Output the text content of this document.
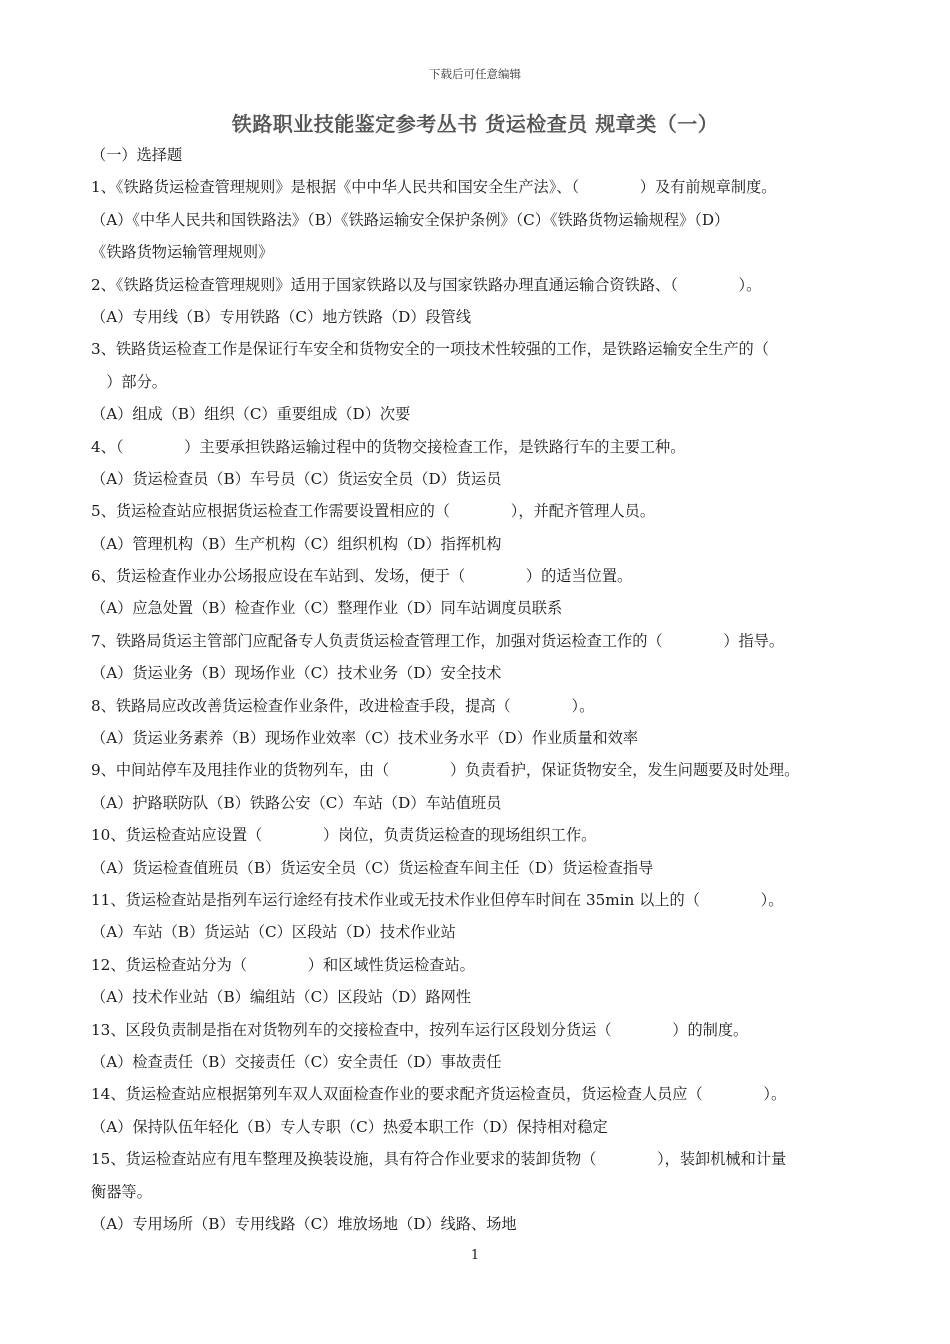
下载后可任意编辑
铁路职业技能鉴定参考丛书 货运检查员 规章类（一）
（一）选择题
1、《铁路货运检查管理规则》是根据《中中华人民共和国安全生产法》、（　　　　）及有前规章制度。
（A）《中华人民共和国铁路法》（B）《铁路运输安全保护条例》（C）《铁路货物运输规程》（D）
《铁路货物运输管理规则》
2、《铁路货运检查管理规则》适用于国家铁路以及与国家铁路办理直通运输合资铁路、（　　　　）。
（A）专用线（B）专用铁路（C）地方铁路（D）段管线
3、铁路货运检查工作是保证行车安全和货物安全的一项技术性较强的工作，是铁路运输安全生产的（
　）部分。
（A）组成（B）组织（C）重要组成（D）次要
4、（　　　　）主要承担铁路运输过程中的货物交接检查工作，是铁路行车的主要工种。
（A）货运检查员（B）车号员（C）货运安全员（D）货运员
5、货运检查站应根据货运检查工作需要设置相应的（　　　　），并配齐管理人员。
（A）管理机构（B）生产机构（C）组织机构（D）指挥机构
6、货运检查作业办公场报应设在车站到、发场，便于（　　　　）的适当位置。
（A）应急处置（B）检查作业（C）整理作业（D）同车站调度员联系
7、铁路局货运主管部门应配备专人负责货运检查管理工作，加强对货运检查工作的（　　　　）指导。
（A）货运业务（B）现场作业（C）技术业务（D）安全技术
8、铁路局应改改善货运检查作业条件，改进检查手段，提高（　　　　）。
（A）货运业务素养（B）现场作业效率（C）技术业务水平（D）作业质量和效率
9、中间站停车及甩挂作业的货物列车，由（　　　　）负责看护，保证货物安全，发生问题要及时处理。
（A）护路联防队（B）铁路公安（C）车站（D）车站值班员
10、货运检查站应设置（　　　　）岗位，负责货运检查的现场组织工作。
（A）货运检查值班员（B）货运安全员（C）货运检查车间主任（D）货运检查指导
11、货运检查站是指列车运行途经有技术作业或无技术作业但停车时间在 35min 以上的（　　　　）。
（A）车站（B）货运站（C）区段站（D）技术作业站
12、货运检查站分为（　　　　）和区域性货运检查站。
（A）技术作业站（B）编组站（C）区段站（D）路网性
13、区段负责制是指在对货物列车的交接检查中，按列车运行区段划分货运（　　　　）的制度。
（A）检查责任（B）交接责任（C）安全责任（D）事故责任
14、货运检查站应根据第列车双人双面检查作业的要求配齐货运检查员，货运检查人员应（　　　　）。
（A）保持队伍年轻化（B）专人专职（C）热爱本职工作（D）保持相对稳定
15、货运检查站应有甩车整理及换装设施，具有符合作业要求的装卸货物（　　　　），装卸机械和计量
衡器等。
（A）专用场所（B）专用线路（C）堆放场地（D）线路、场地
1
